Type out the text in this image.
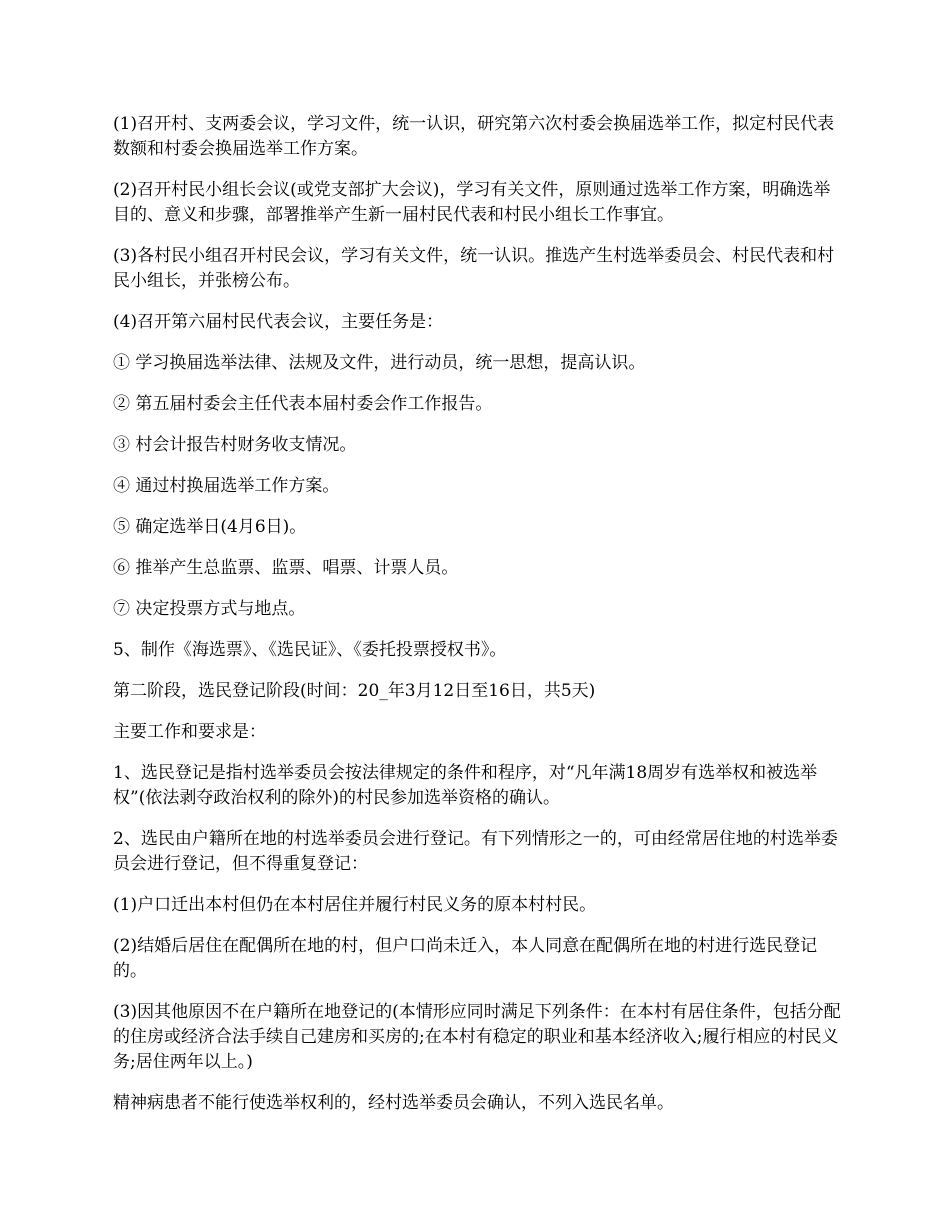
(1)召开村、支两委会议，学习文件，统一认识，研究第六次村委会换届选举工作，拟定村民代表数额和村委会换届选举工作方案。

(2)召开村民小组长会议(或党支部扩大会议)，学习有关文件，原则通过选举工作方案，明确选举目的、意义和步骤，部署推举产生新一届村民代表和村民小组长工作事宜。

(3)各村民小组召开村民会议，学习有关文件，统一认识。推选产生村选举委员会、村民代表和村民小组长，并张榜公布。

(4)召开第六届村民代表会议，主要任务是：

① 学习换届选举法律、法规及文件，进行动员，统一思想，提高认识。

② 第五届村委会主任代表本届村委会作工作报告。

③ 村会计报告村财务收支情况。

④ 通过村换届选举工作方案。

⑤ 确定选举日(4月6日)。

⑥ 推举产生总监票、监票、唱票、计票人员。

⑦ 决定投票方式与地点。

5、制作《海选票》、《选民证》、《委托投票授权书》。

第二阶段，选民登记阶段(时间：20_年3月12日至16日，共5天)

主要工作和要求是：

1、选民登记是指村选举委员会按法律规定的条件和程序，对“凡年满18周岁有选举权和被选举权”(依法剥夺政治权利的除外)的村民参加选举资格的确认。

2、选民由户籍所在地的村选举委员会进行登记。有下列情形之一的，可由经常居住地的村选举委员会进行登记，但不得重复登记：

(1)户口迁出本村但仍在本村居住并履行村民义务的原本村村民。

(2)结婚后居住在配偶所在地的村，但户口尚未迁入，本人同意在配偶所在地的村进行选民登记的。

(3)因其他原因不在户籍所在地登记的(本情形应同时满足下列条件：在本村有居住条件，包括分配的住房或经济合法手续自己建房和买房的;在本村有稳定的职业和基本经济收入;履行相应的村民义务;居住两年以上。)

精神病患者不能行使选举权利的，经村选举委员会确认，不列入选民名单。
